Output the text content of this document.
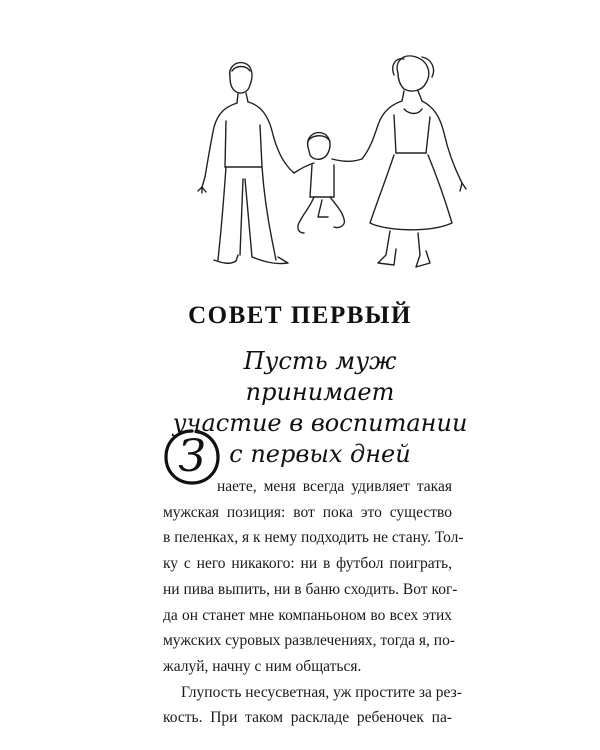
СОВЕТ ПЕРВЫЙ
Пусть муж принимает
участие в воспитании
с первых дней
З
наете, меня всегда удивляет такая
мужская позиция: вот пока это существо
в пеленках, я к нему подходить не стану. Тол-
ку с него никакого: ни в футбол поиграть,
ни пива выпить, ни в баню сходить. Вот ког-
да он станет мне компаньоном во всех этих
мужских суровых развлечениях, тогда я, по-
жалуй, начну с ним общаться.
Глупость несусветная, уж простите за рез-
кость. При таком раскладе ребеночек па-
